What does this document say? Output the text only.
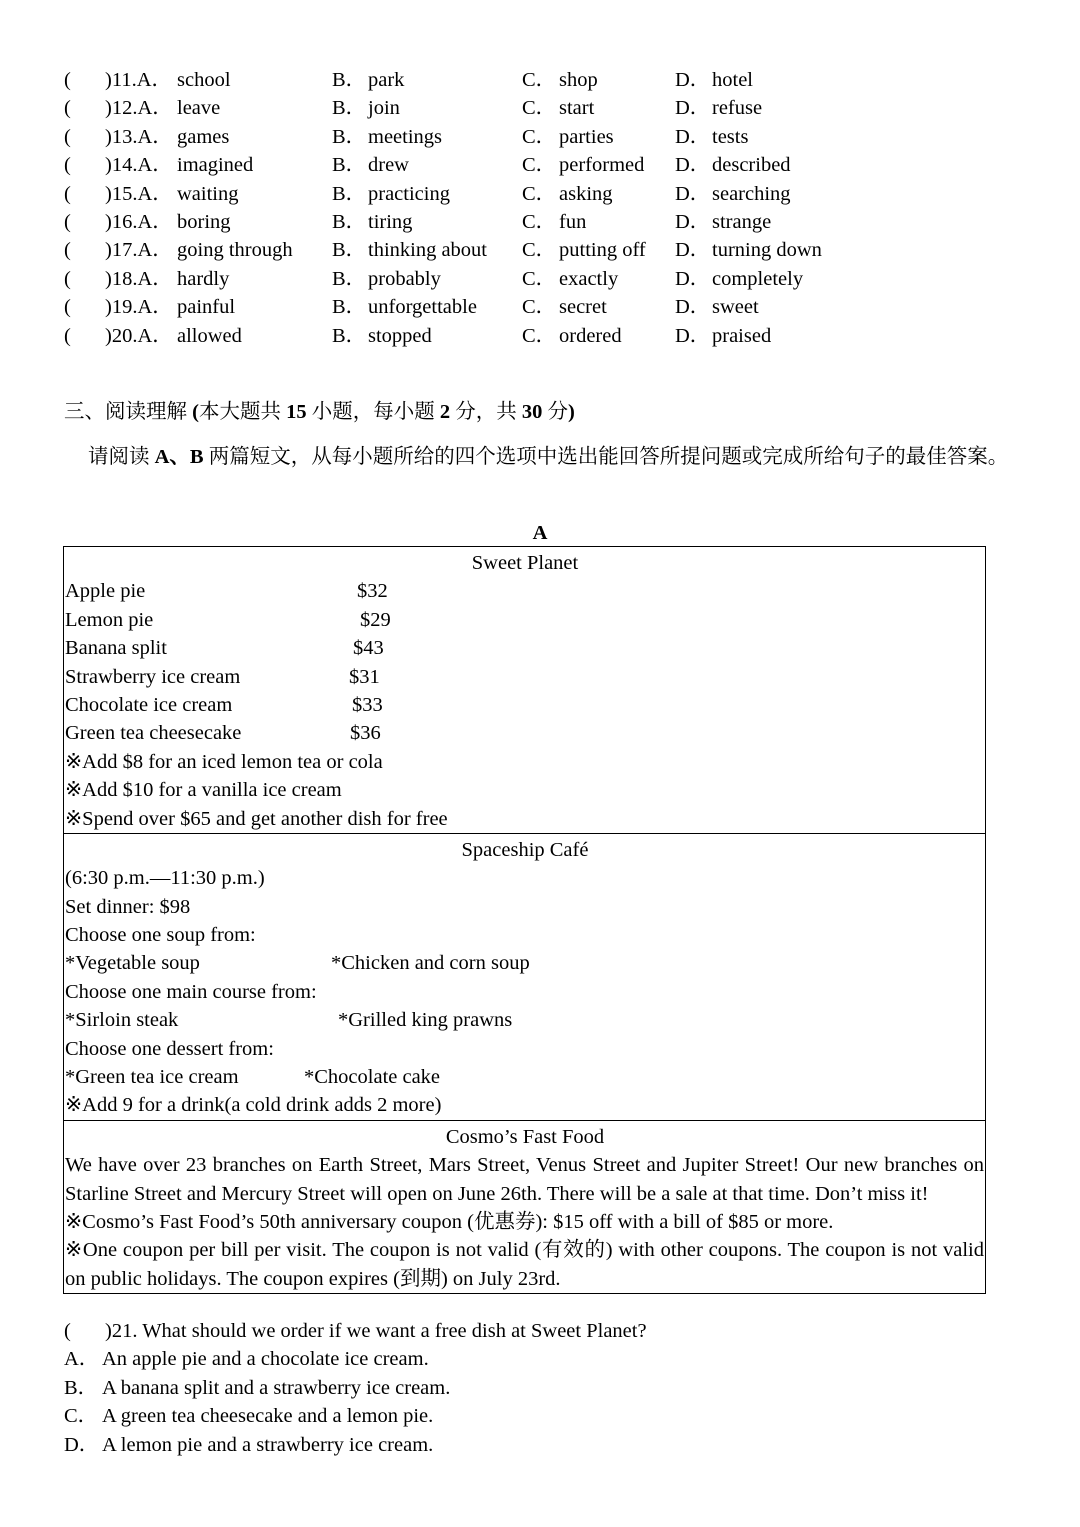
( )11.A． school	B． park	C． shop	D． hotel
( )12.A． leave	B． join	C． start	D． refuse
( )13.A． games	B． meetings	C． parties	D． tests
( )14.A． imagined	B． drew	C． performed D． described
( )15.A． waiting	B． practicing	C． asking	D． searching
( )16.A． boring	B． tiring	C． fun	D． strange
( )17.A． going through B． thinking about C． putting off D． turning down
( )18.A． hardly	B． probably	C． exactly	D． completely
( )19.A． painful	B． unforgettable C． secret	D． sweet
( )20.A． allowed	B． stopped	C． ordered	D． praised
三、阅读理解 (本大题共 15 小题，每小题 2 分，共 30 分)
请阅读 A、B 两篇短文，从每小题所给的四个选项中选出能回答所提问题或完成所给句子的最佳答案。
A
Sweet Planet
Apple pie	$32
Lemon pie	$29
Banana split	$43
Strawberry ice cream	$31
Chocolate ice cream	$33
Green tea cheesecake	$36
※Add $8 for an iced lemon tea or cola
※Add $10 for a vanilla ice cream
※Spend over $65 and get another dish for free
Spaceship Café
(6:30 p.m.—11:30 p.m.)
Set dinner: $98
Choose one soup from:
*Vegetable soup	*Chicken and corn soup
Choose one main course from:
*Sirloin steak	*Grilled king prawns
Choose one dessert from:
*Green tea ice cream	*Chocolate cake
※Add 9 for a drink(a cold drink adds 2 more)
Cosmo’s Fast Food
We have over 23 branches on Earth Street, Mars Street, Venus Street and Jupiter Street! Our new branches on Starline Street and Mercury Street will open on June 26th. There will be a sale at that time. Don’t miss it!
※Cosmo’s Fast Food’s 50th anniversary coupon (优惠券): $15 off with a bill of $85 or more.
※One coupon per bill per visit. The coupon is not valid (有效的) with other coupons. The coupon is not valid on public holidays. The coupon expires (到期) on July 23rd.
( )21. What should we order if we want a free dish at Sweet Planet?
A． An apple pie and a chocolate ice cream.
B． A banana split and a strawberry ice cream.
C． A green tea cheesecake and a lemon pie.
D． A lemon pie and a strawberry ice cream.
